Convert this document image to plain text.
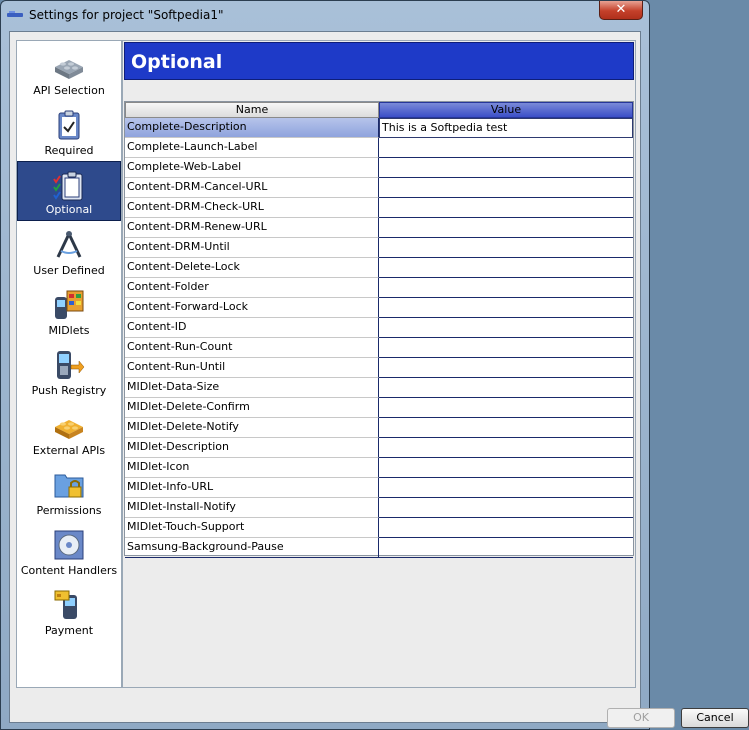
Settings for project "Softpedia1"	✕
API Selection
Required
Optional
User Defined
MIDlets
Push Registry
External APIs
Permissions
Content Handlers
Payment
Optional
Name	Value
Complete-Description	This is a Softpedia test
Complete-Launch-Label
Complete-Web-Label
Content-DRM-Cancel-URL
Content-DRM-Check-URL
Content-DRM-Renew-URL
Content-DRM-Until
Content-Delete-Lock
Content-Folder
Content-Forward-Lock
Content-ID
Content-Run-Count
Content-Run-Until
MIDlet-Data-Size
MIDlet-Delete-Confirm
MIDlet-Delete-Notify
MIDlet-Description
MIDlet-Icon
MIDlet-Info-URL
MIDlet-Install-Notify
MIDlet-Touch-Support
Samsung-Background-Pause
OK	Cancel
